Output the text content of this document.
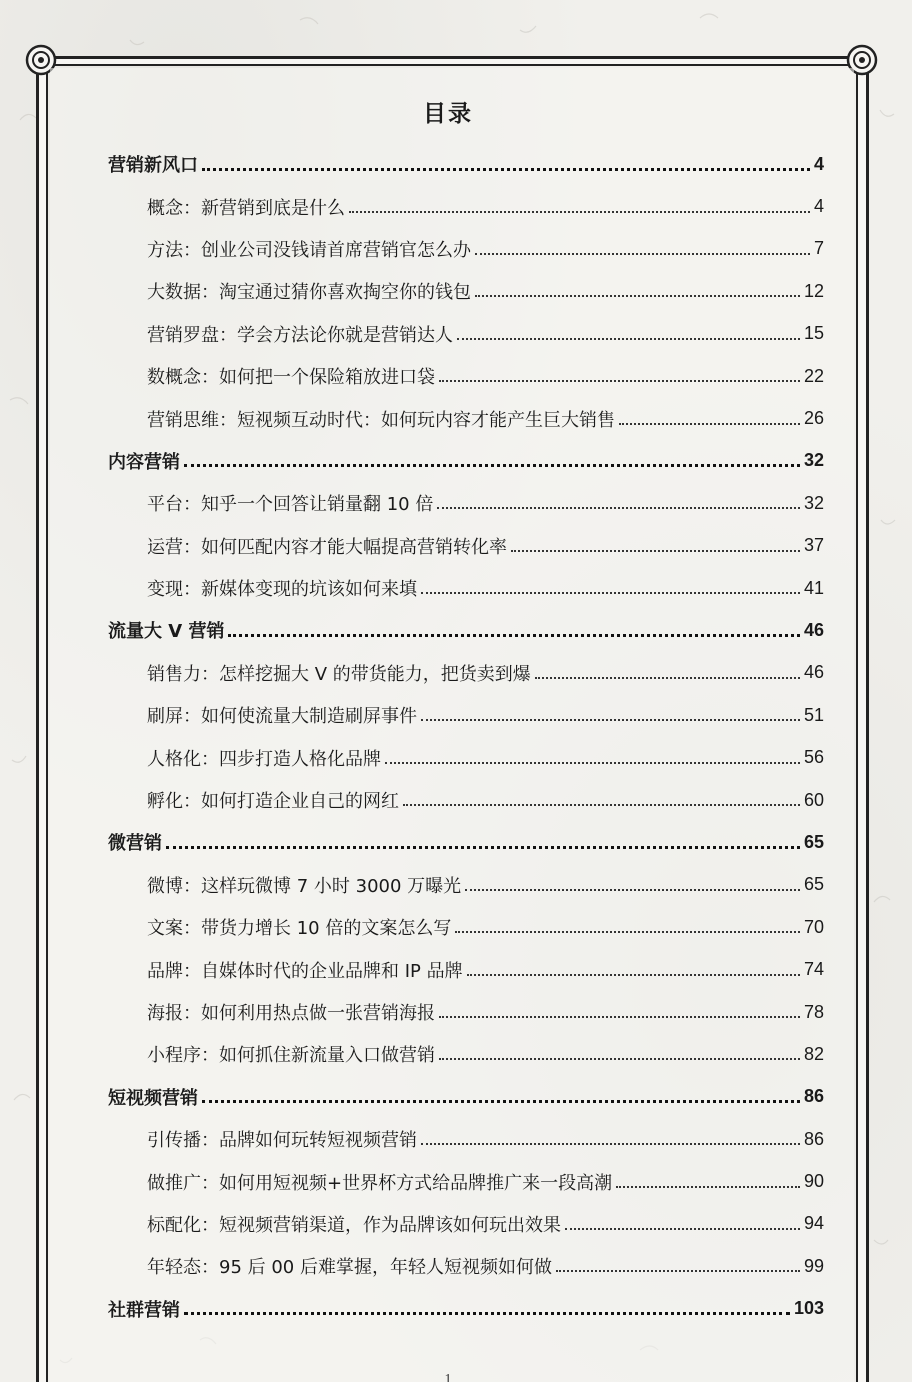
目录
营销新风口	4
概念：新营销到底是什么	4
方法：创业公司没钱请首席营销官怎么办	7
大数据：淘宝通过猜你喜欢掏空你的钱包	12
营销罗盘：学会方法论你就是营销达人	15
数概念：如何把一个保险箱放进口袋	22
营销思维：短视频互动时代：如何玩内容才能产生巨大销售	26
内容营销	32
平台：知乎一个回答让销量翻 10 倍	32
运营：如何匹配内容才能大幅提高营销转化率	37
变现：新媒体变现的坑该如何来填	41
流量大 V 营销	46
销售力：怎样挖掘大 V 的带货能力，把货卖到爆	46
刷屏：如何使流量大制造刷屏事件	51
人格化：四步打造人格化品牌	56
孵化：如何打造企业自己的网红	60
微营销	65
微博：这样玩微博 7 小时 3000 万曝光	65
文案：带货力增长 10 倍的文案怎么写	70
品牌：自媒体时代的企业品牌和 IP 品牌	74
海报：如何利用热点做一张营销海报	78
小程序：如何抓住新流量入口做营销	82
短视频营销	86
引传播：品牌如何玩转短视频营销	86
做推广：如何用短视频+世界杯方式给品牌推广来一段高潮	90
标配化：短视频营销渠道，作为品牌该如何玩出效果	94
年轻态：95 后 00 后难掌握，年轻人短视频如何做	99
社群营销	103
1
